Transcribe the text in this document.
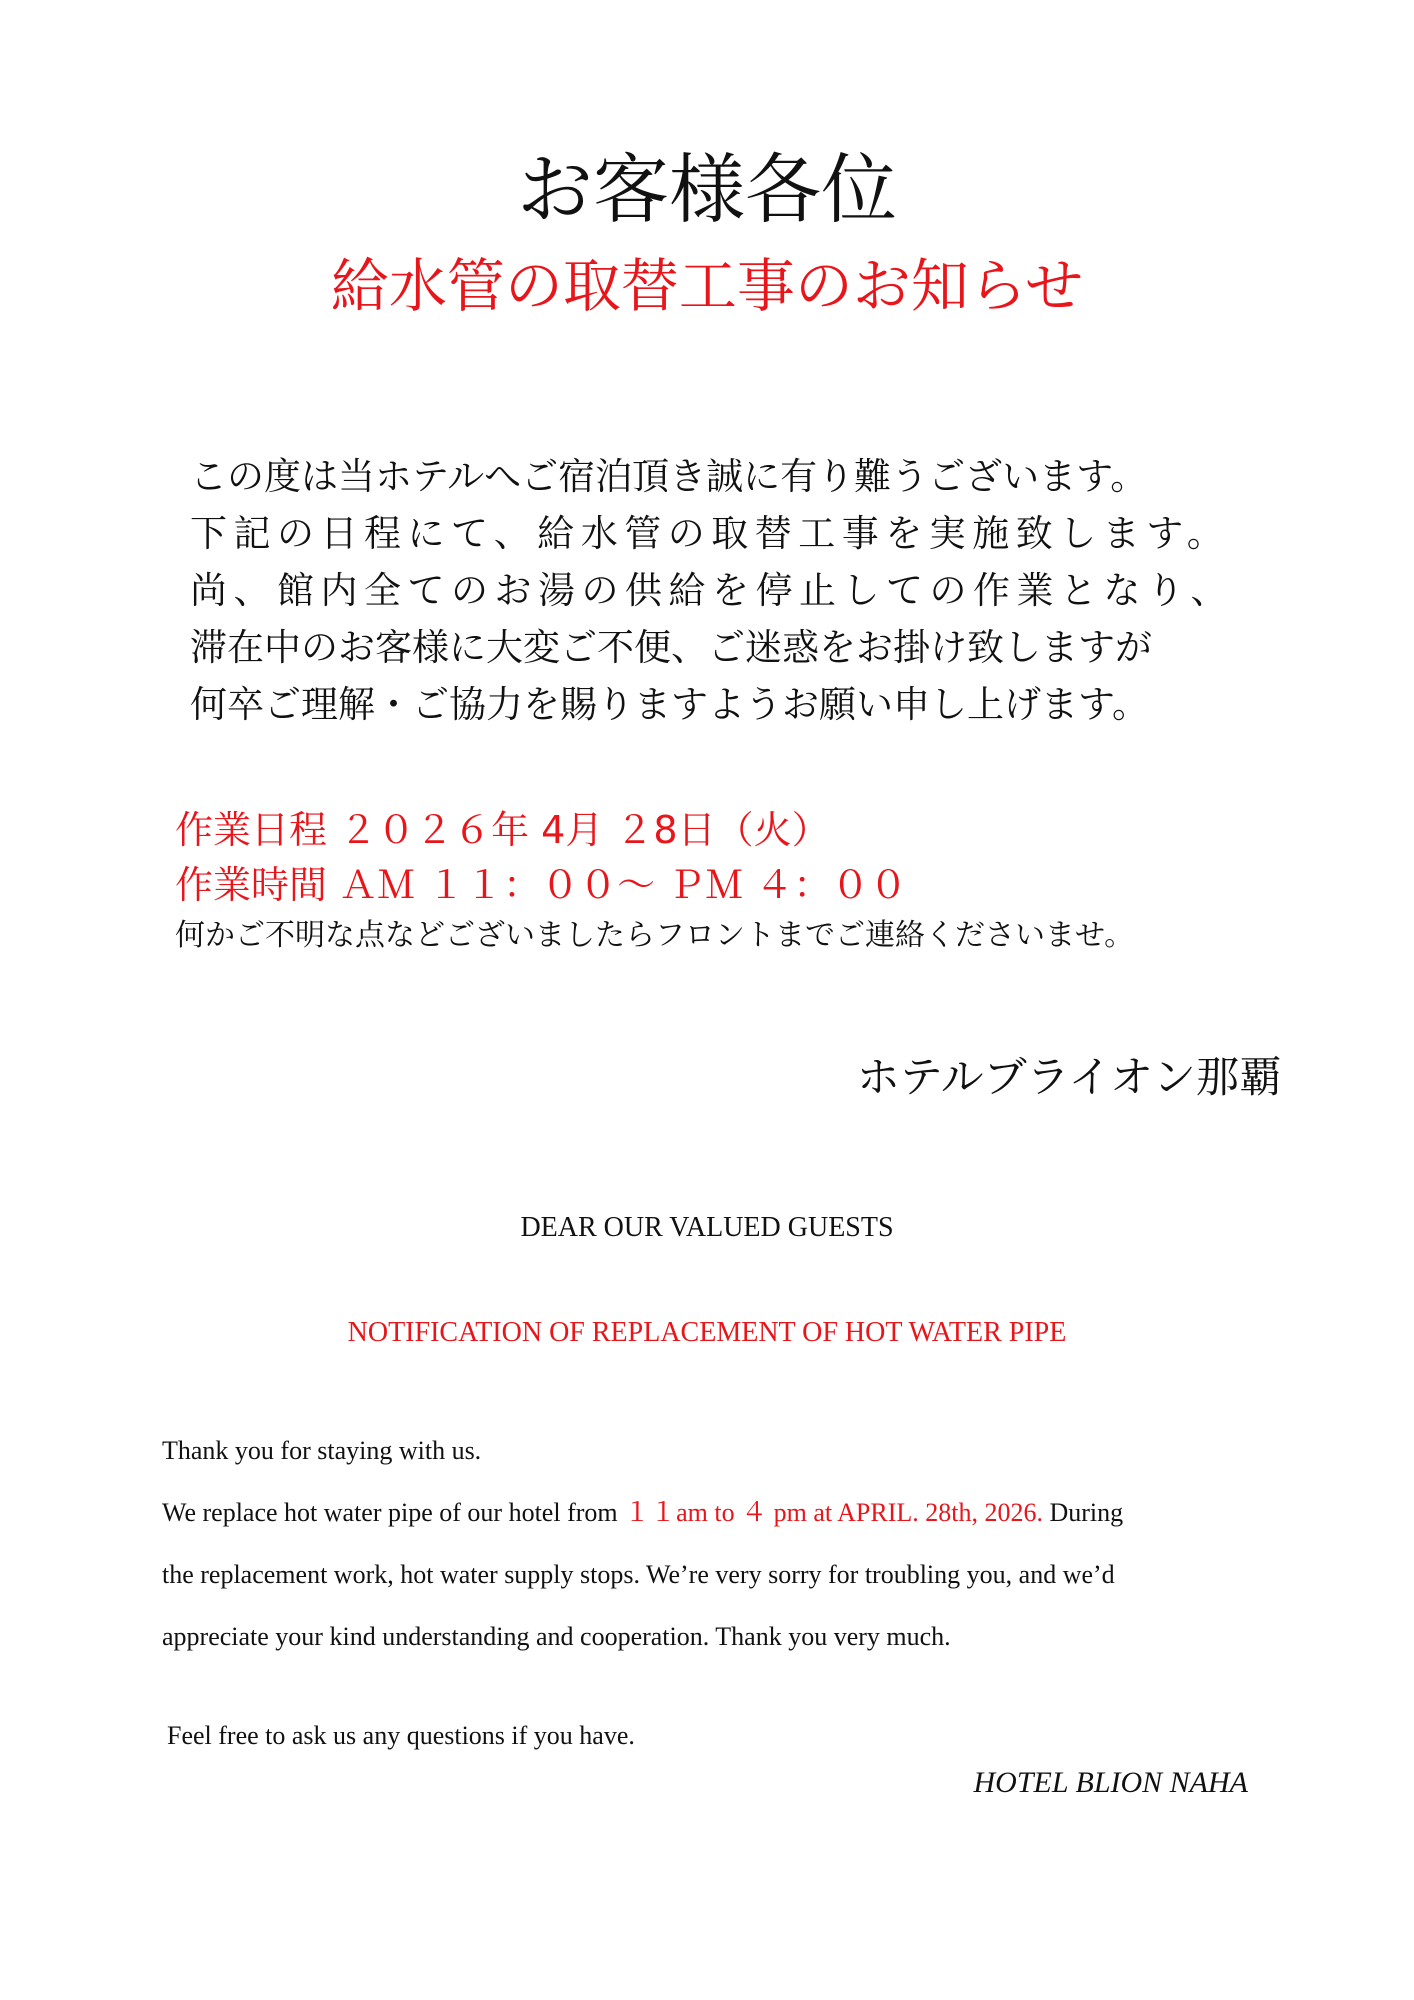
お客様各位
給水管の取替工事のお知らせ
この度は当ホテルへご宿泊頂き誠に有り難うございます。
下記の日程にて、給水管の取替工事を実施致します。
尚、館内全てのお湯の供給を停止しての作業となり、
滞在中のお客様に大変ご不便、ご迷惑をお掛け致しますが
何卒ご理解・ご協力を賜りますようお願い申し上げます。
作業日程 ２０２６年 4月 ２8日（火）
作業時間 ＡＭ １１：００～ ＰＭ ４：００
何かご不明な点などございましたらフロントまでご連絡くださいませ。
ホテルブライオン那覇
DEAR OUR VALUED GUESTS
NOTIFICATION OF REPLACEMENT OF HOT WATER PIPE
Thank you for staying with us.
We replace hot water pipe of our hotel from １１am to ４ pm at APRIL. 28th, 2026. During
the replacement work, hot water supply stops. We’re very sorry for troubling you, and we’d
appreciate your kind understanding and cooperation. Thank you very much.
Feel free to ask us any questions if you have.
HOTEL BLION NAHA
